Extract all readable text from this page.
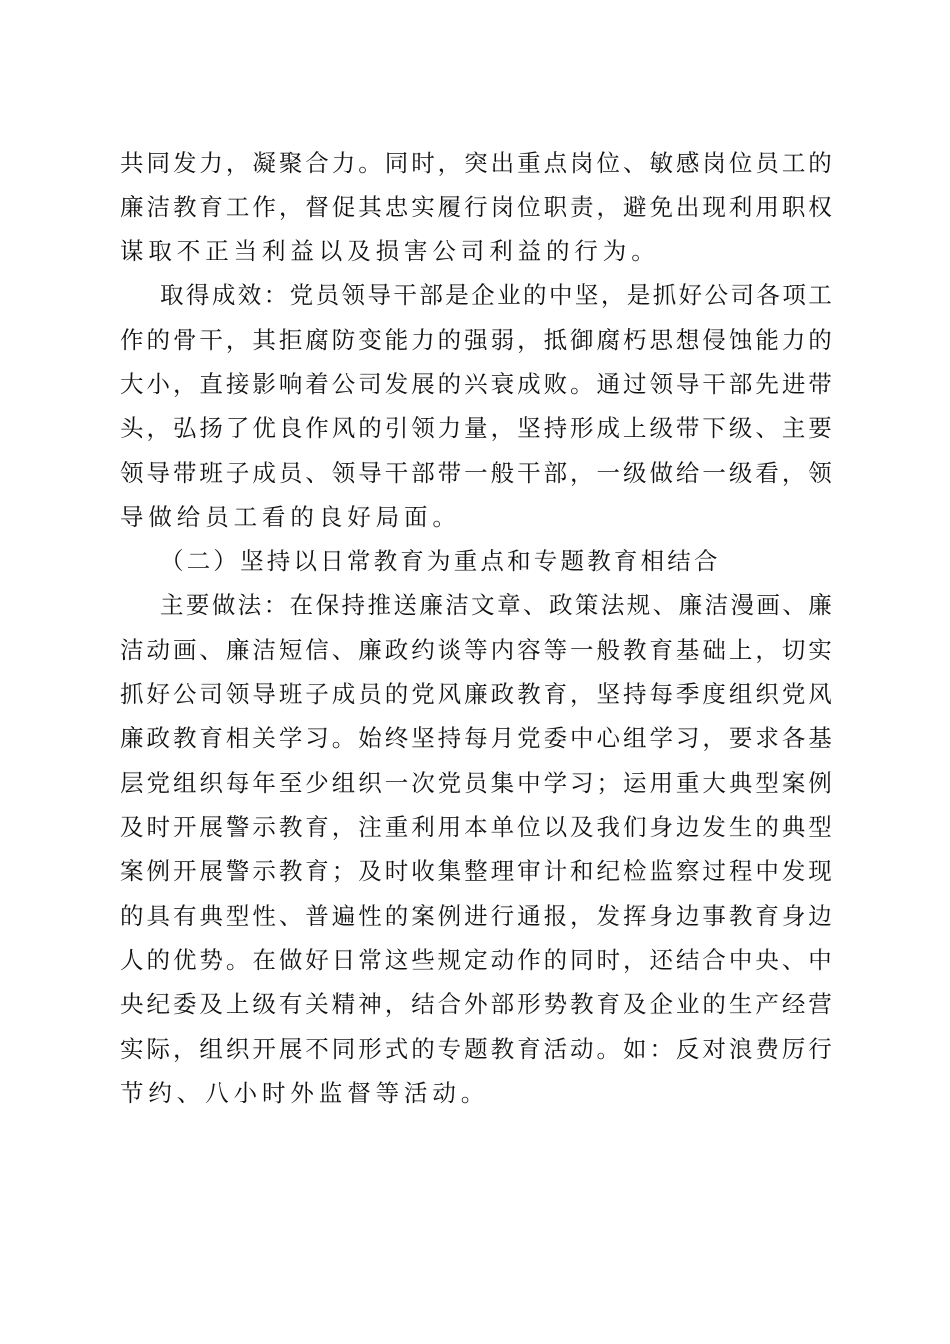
共同发力，凝聚合力。同时，突出重点岗位、敏感岗位员工的
廉洁教育工作，督促其忠实履行岗位职责，避免出现利用职权
谋取不正当利益以及损害公司利益的行为。
取得成效：党员领导干部是企业的中坚，是抓好公司各项工
作的骨干，其拒腐防变能力的强弱，抵御腐朽思想侵蚀能力的
大小，直接影响着公司发展的兴衰成败。通过领导干部先进带
头，弘扬了优良作风的引领力量，坚持形成上级带下级、主要
领导带班子成员、领导干部带一般干部，一级做给一级看，领
导做给员工看的良好局面。
（二）坚持以日常教育为重点和专题教育相结合
主要做法：在保持推送廉洁文章、政策法规、廉洁漫画、廉
洁动画、廉洁短信、廉政约谈等内容等一般教育基础上，切实
抓好公司领导班子成员的党风廉政教育，坚持每季度组织党风
廉政教育相关学习。始终坚持每月党委中心组学习，要求各基
层党组织每年至少组织一次党员集中学习；运用重大典型案例
及时开展警示教育，注重利用本单位以及我们身边发生的典型
案例开展警示教育；及时收集整理审计和纪检监察过程中发现
的具有典型性、普遍性的案例进行通报，发挥身边事教育身边
人的优势。在做好日常这些规定动作的同时，还结合中央、中
央纪委及上级有关精神，结合外部形势教育及企业的生产经营
实际，组织开展不同形式的专题教育活动。如：反对浪费厉行
节约、八小时外监督等活动。
